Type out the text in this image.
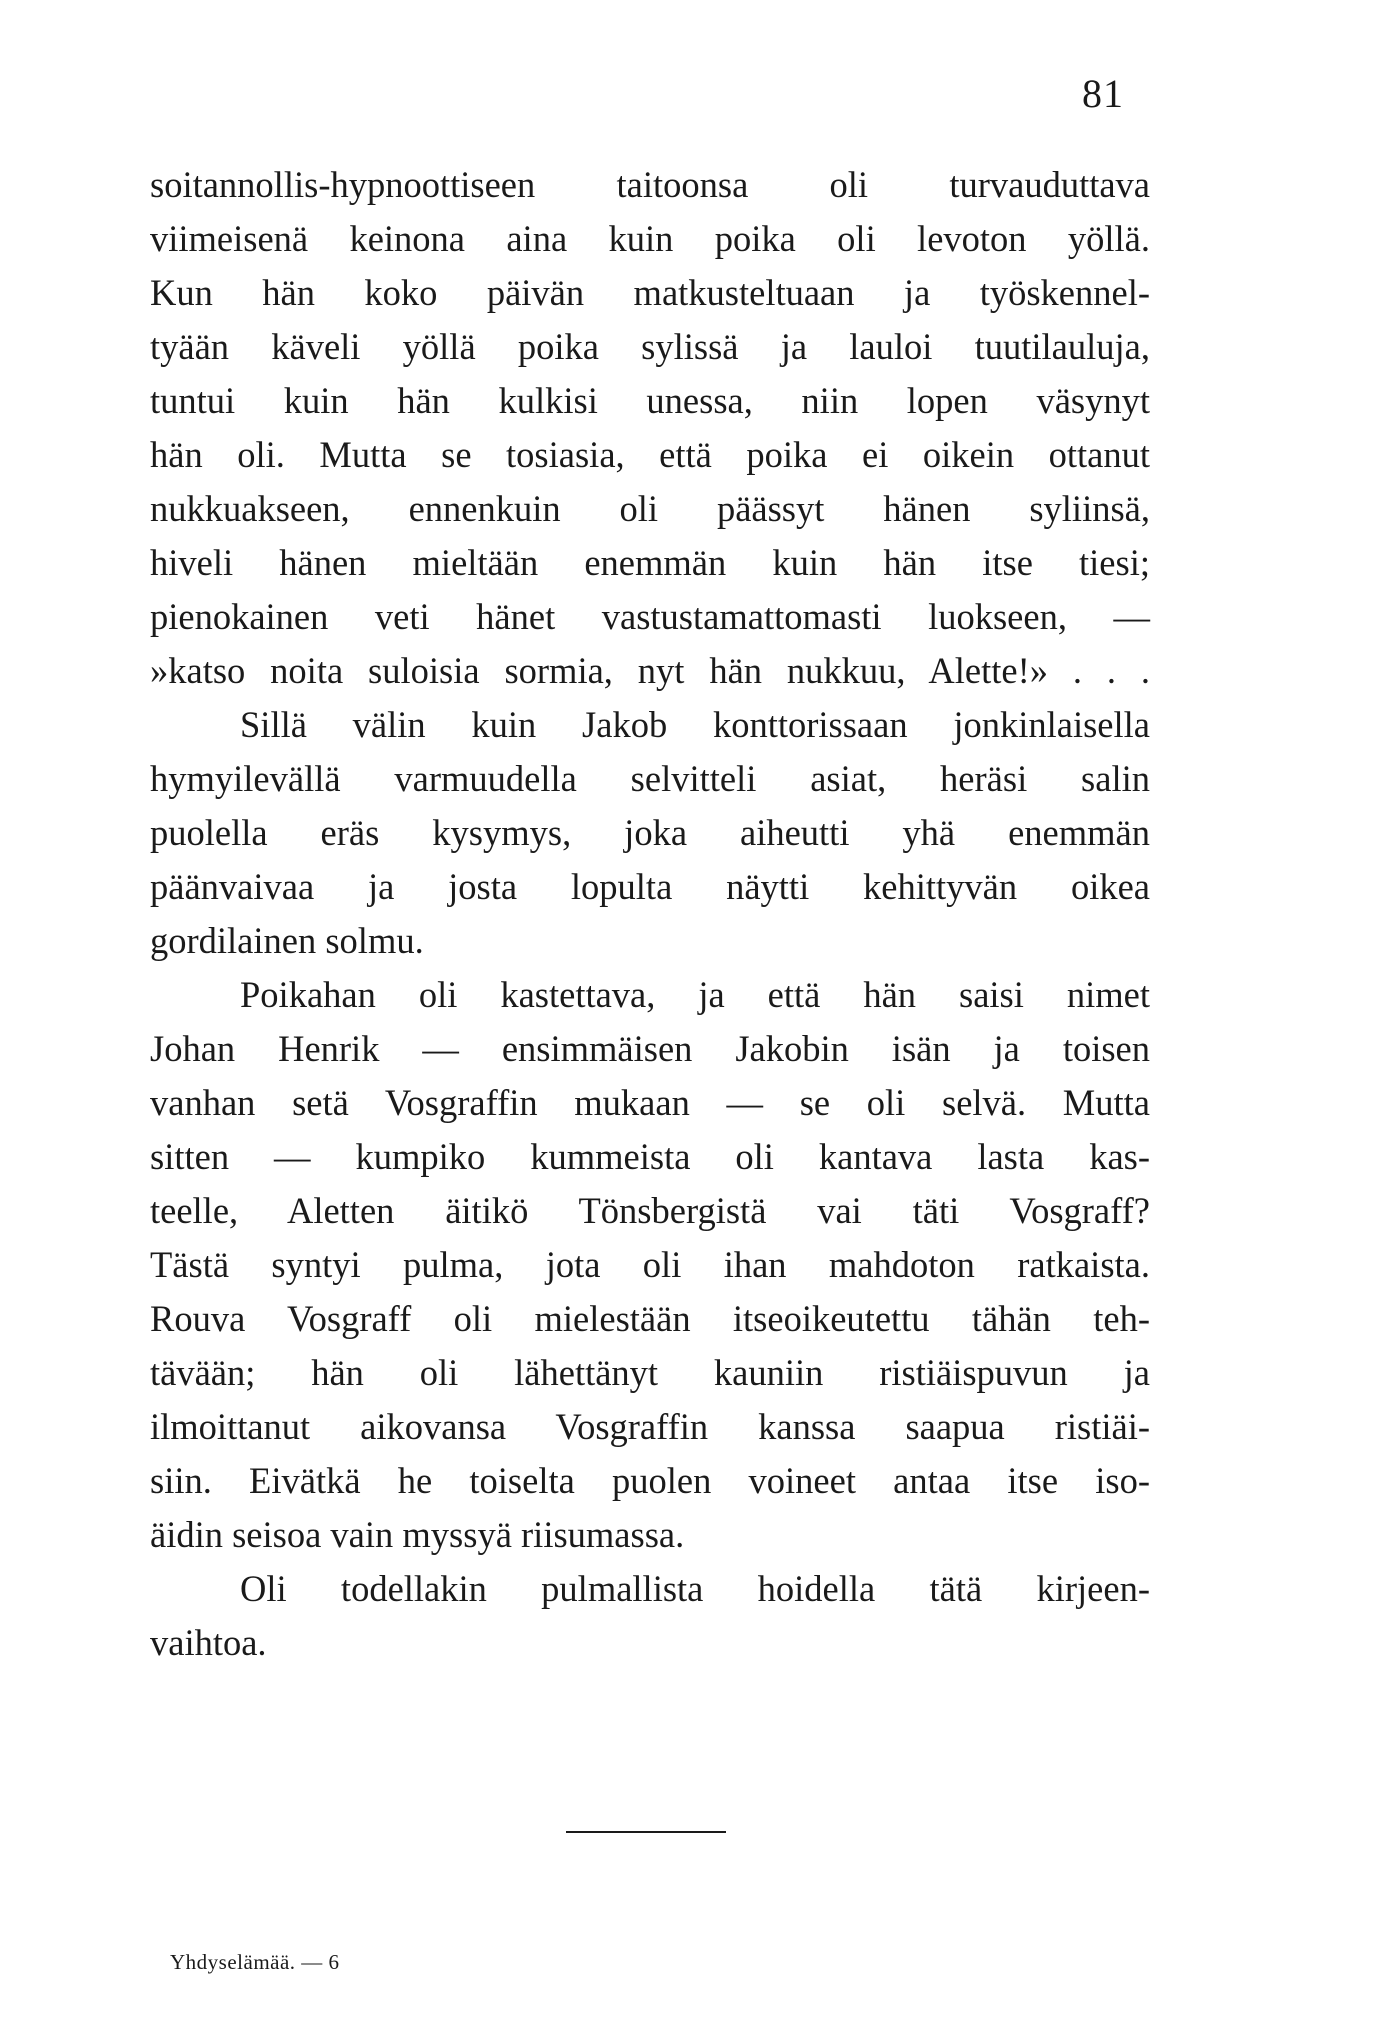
81
soitannollis-hypnoottiseen taitoonsa oli turvauduttava
viimeisenä keinona aina kuin poika oli levoton yöllä.
Kun hän koko päivän matkusteltuaan ja työskennel-
tyään käveli yöllä poika sylissä ja lauloi tuutilauluja,
tuntui kuin hän kulkisi unessa, niin lopen väsynyt
hän oli. Mutta se tosiasia, että poika ei oikein ottanut
nukkuakseen, ennenkuin oli päässyt hänen syliinsä,
hiveli hänen mieltään enemmän kuin hän itse tiesi;
pienokainen veti hänet vastustamattomasti luokseen, —
»katso noita suloisia sormia, nyt hän nukkuu, Alette!» . . .
Sillä välin kuin Jakob konttorissaan jonkinlaisella
hymyilevällä varmuudella selvitteli asiat, heräsi salin
puolella eräs kysymys, joka aiheutti yhä enemmän
päänvaivaa ja josta lopulta näytti kehittyvän oikea
gordilainen solmu.
Poikahan oli kastettava, ja että hän saisi nimet
Johan Henrik — ensimmäisen Jakobin isän ja toisen
vanhan setä Vosgraffin mukaan — se oli selvä. Mutta
sitten — kumpiko kummeista oli kantava lasta kas-
teelle, Aletten äitikö Tönsbergistä vai täti Vosgraff?
Tästä syntyi pulma, jota oli ihan mahdoton ratkaista.
Rouva Vosgraff oli mielestään itseoikeutettu tähän teh-
tävään; hän oli lähettänyt kauniin ristiäispuvun ja
ilmoittanut aikovansa Vosgraffin kanssa saapua ristiäi-
siin. Eivätkä he toiselta puolen voineet antaa itse iso-
äidin seisoa vain myssyä riisumassa.
Oli todellakin pulmallista hoidella tätä kirjeen-
vaihtoa.
Yhdyselämää. — 6
